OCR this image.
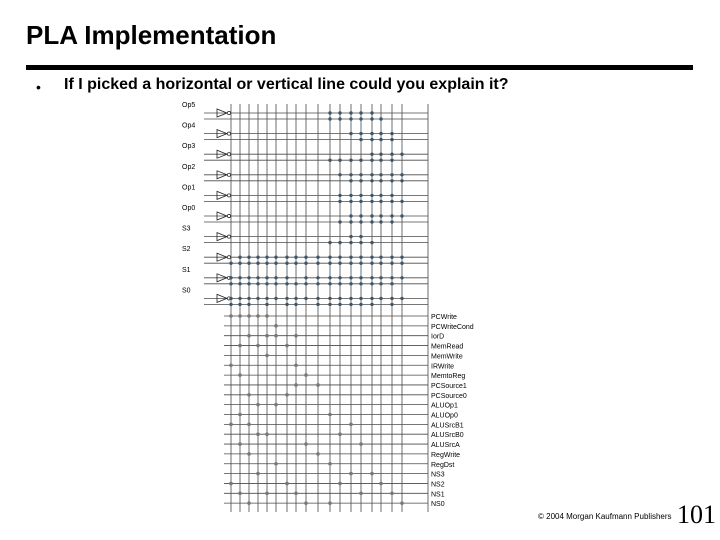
PLA Implementation
• If I picked a horizontal or vertical line could you explain it?
Op5
Op4
Op3
Op2
Op1
Op0
S3
S2
S1
S0
PCWrite
PCWriteCond
IorD
MemRead
MemWrite
IRWrite
MemtoReg
PCSource1
PCSource0
ALUOp1
ALUOp0
ALUSrcB1
ALUSrcB0
ALUSrcA
RegWrite
RegDst
NS3
NS2
NS1
NS0
© 2004 Morgan Kaufmann Publishers 101
